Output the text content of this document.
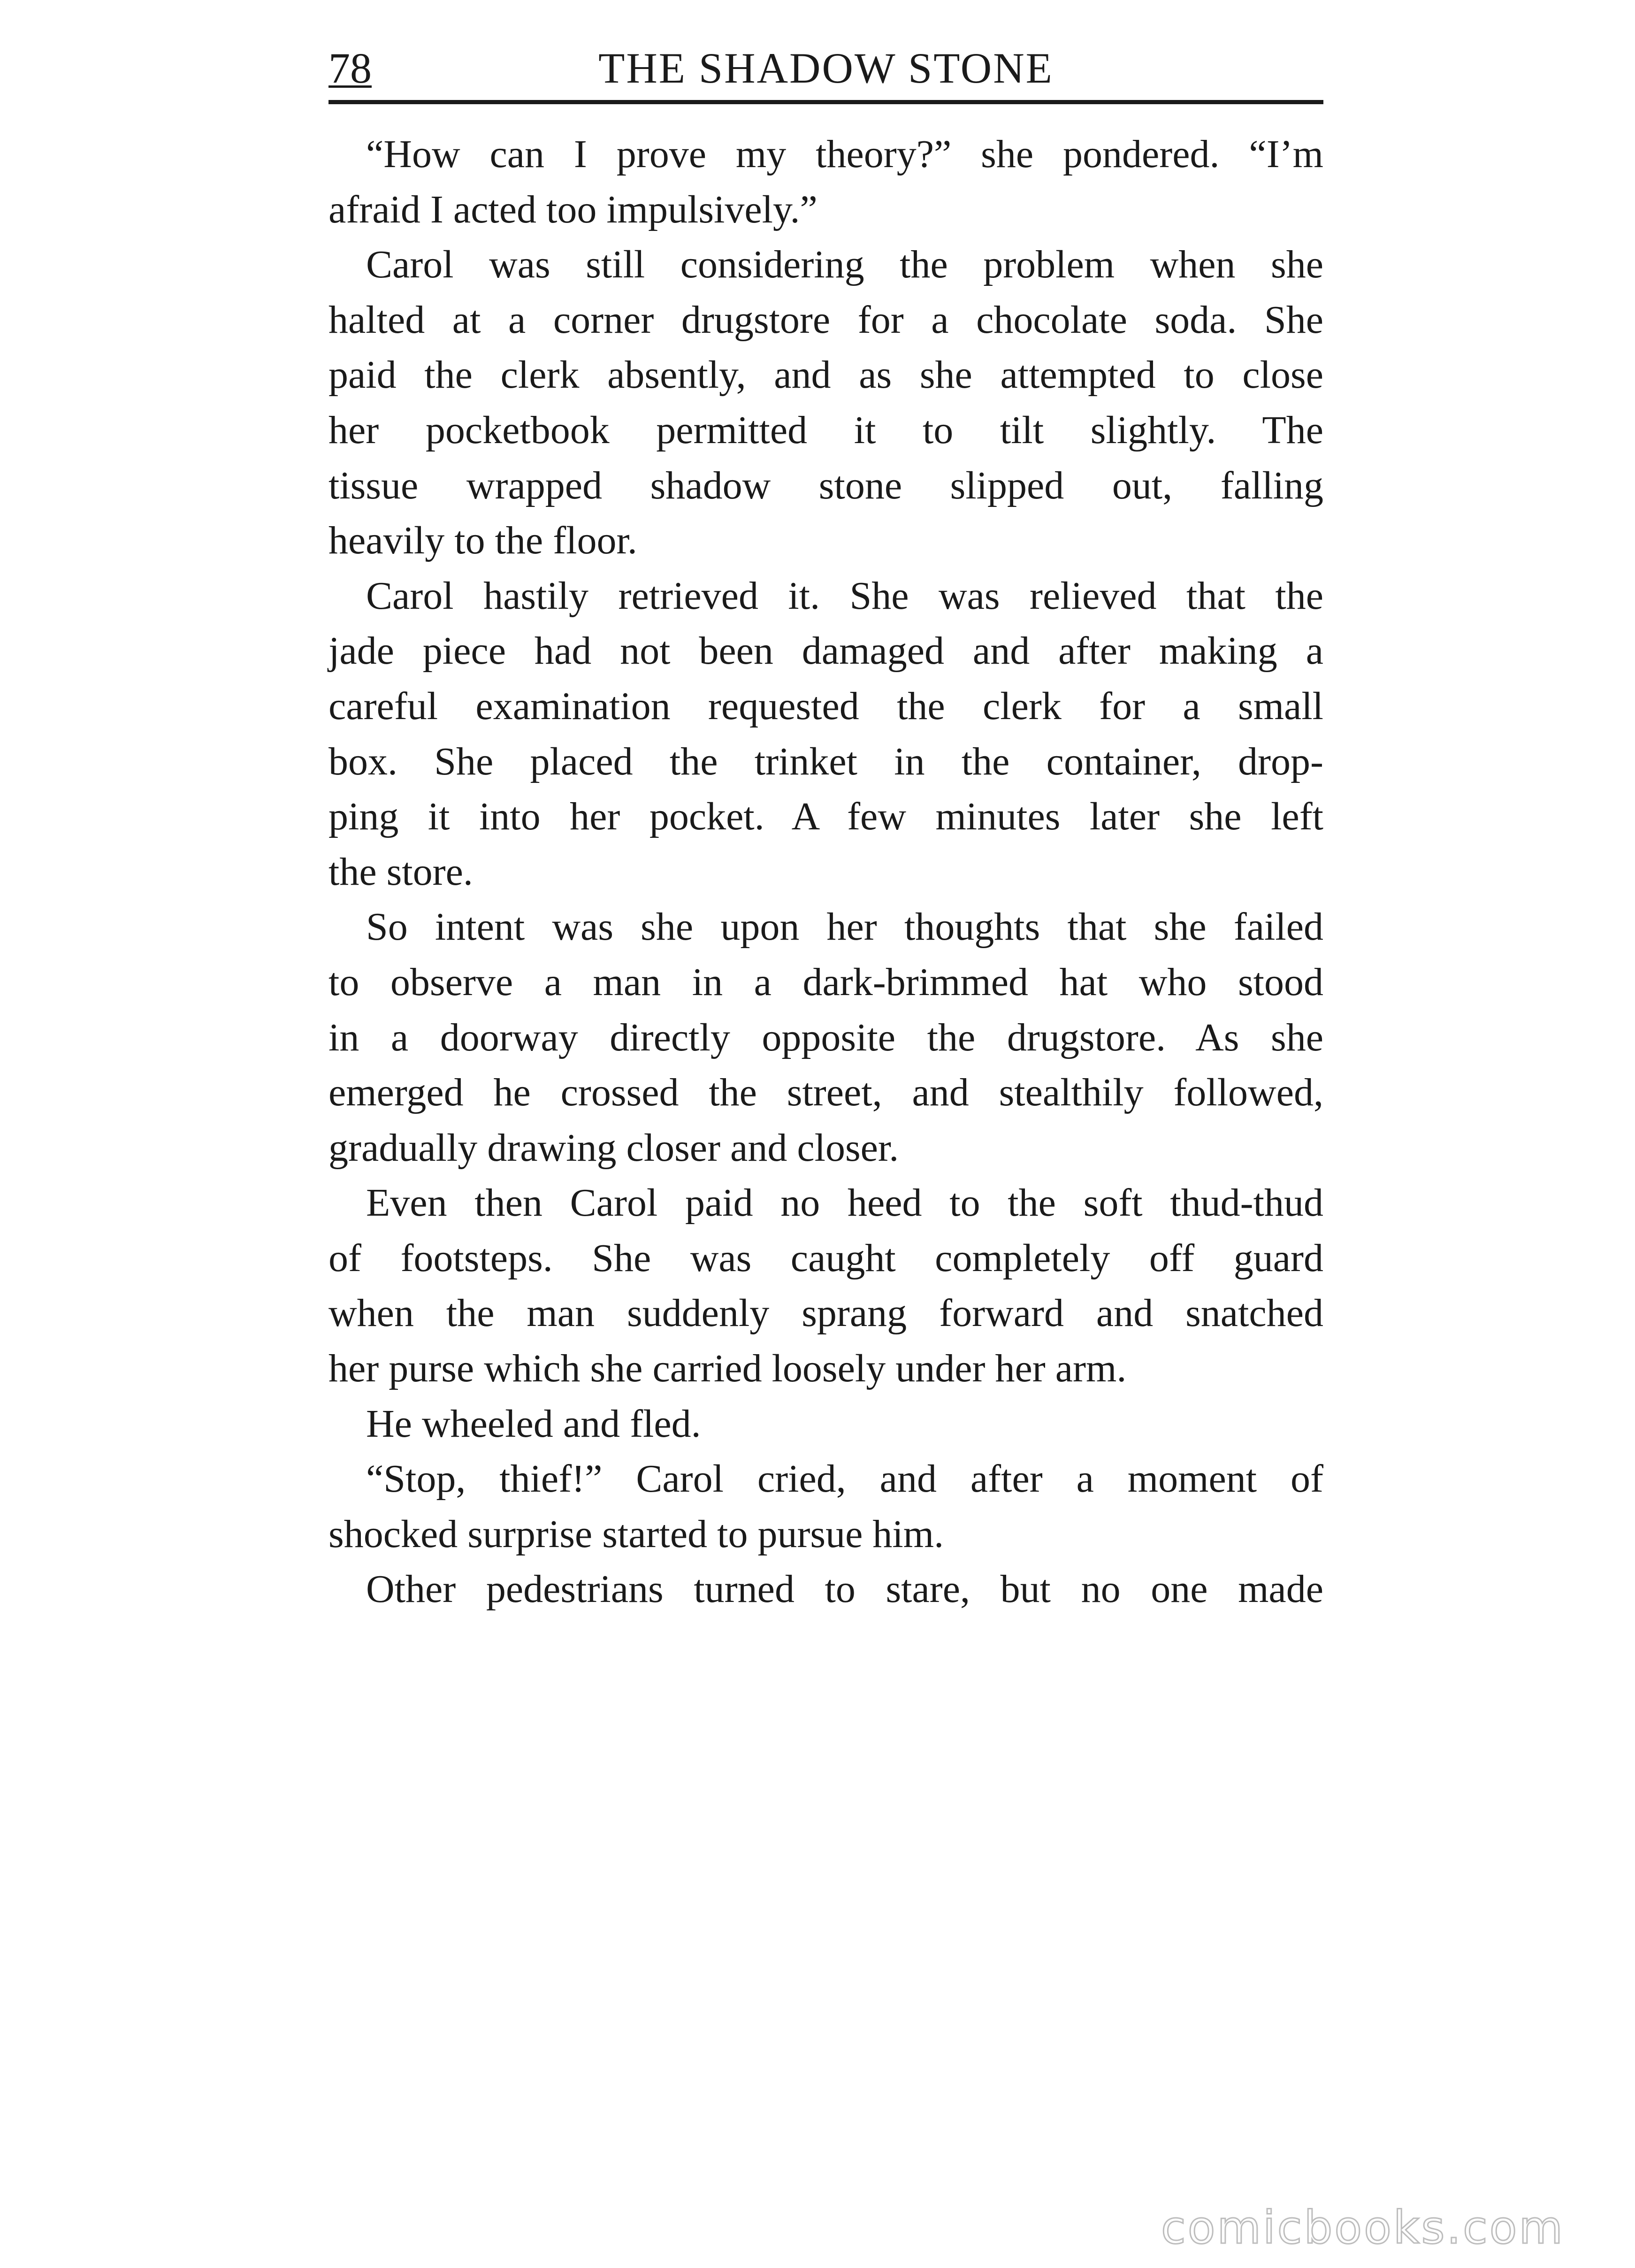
THE SHADOW STONE
78
“How can I prove my theory?” she pondered. “I’m
afraid I acted too impulsively.”
Carol was still considering the problem when she
halted at a corner drugstore for a chocolate soda. She
paid the clerk absently, and as she attempted to close
her pocketbook permitted it to tilt slightly. The
tissue wrapped shadow stone slipped out, falling
heavily to the floor.
Carol hastily retrieved it. She was relieved that the
jade piece had not been damaged and after making a
careful examination requested the clerk for a small
box. She placed the trinket in the container, drop-
ping it into her pocket. A few minutes later she left
the store.
So intent was she upon her thoughts that she failed
to observe a man in a dark-brimmed hat who stood
in a doorway directly opposite the drugstore. As she
emerged he crossed the street, and stealthily followed,
gradually drawing closer and closer.
Even then Carol paid no heed to the soft thud-thud
of footsteps. She was caught completely off guard
when the man suddenly sprang forward and snatched
her purse which she carried loosely under her arm.
He wheeled and fled.
“Stop, thief!” Carol cried, and after a moment of
shocked surprise started to pursue him.
Other pedestrians turned to stare, but no one made
comicbooks.com
